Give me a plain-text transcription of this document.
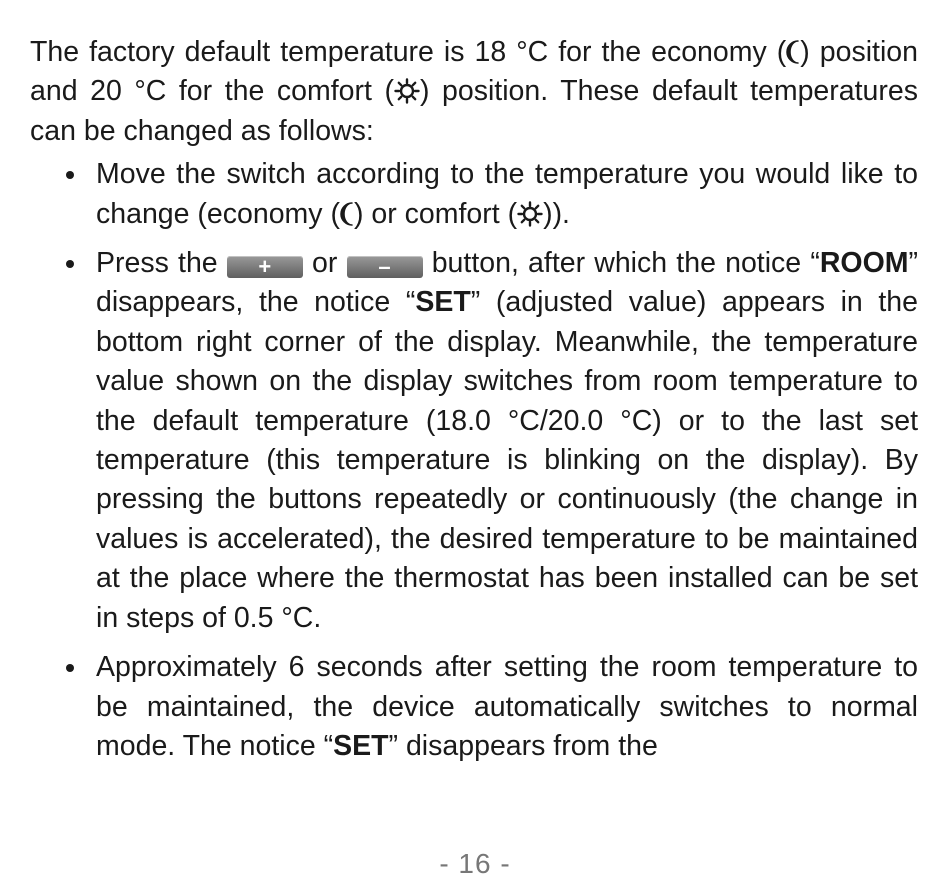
The factory default temperature is 18 °C for the economy ( ) position and 20 °C for the comfort ( ) position. These default temperatures can be changed as follows:

Move the switch according to the temperature you would like to change (economy ( ) or comfort ( )).
Press the + or – button, after which the notice “ROOM” disappears, the notice “SET” (adjusted value) appears in the bottom right corner of the display. Meanwhile, the temperature value shown on the display switches from room temperature to the default temperature (18.0 °C/20.0 °C) or to the last set temperature (this temperature is blinking on the display). By pressing the buttons repeatedly or continuously (the change in values is accelerated), the desired temperature to be maintained at the place where the thermostat has been installed can be set in steps of 0.5 °C.
Approximately 6 seconds after setting the room temperature to be maintained, the device automatically switches to normal mode. The notice “SET” disappears from the
- 16 -
